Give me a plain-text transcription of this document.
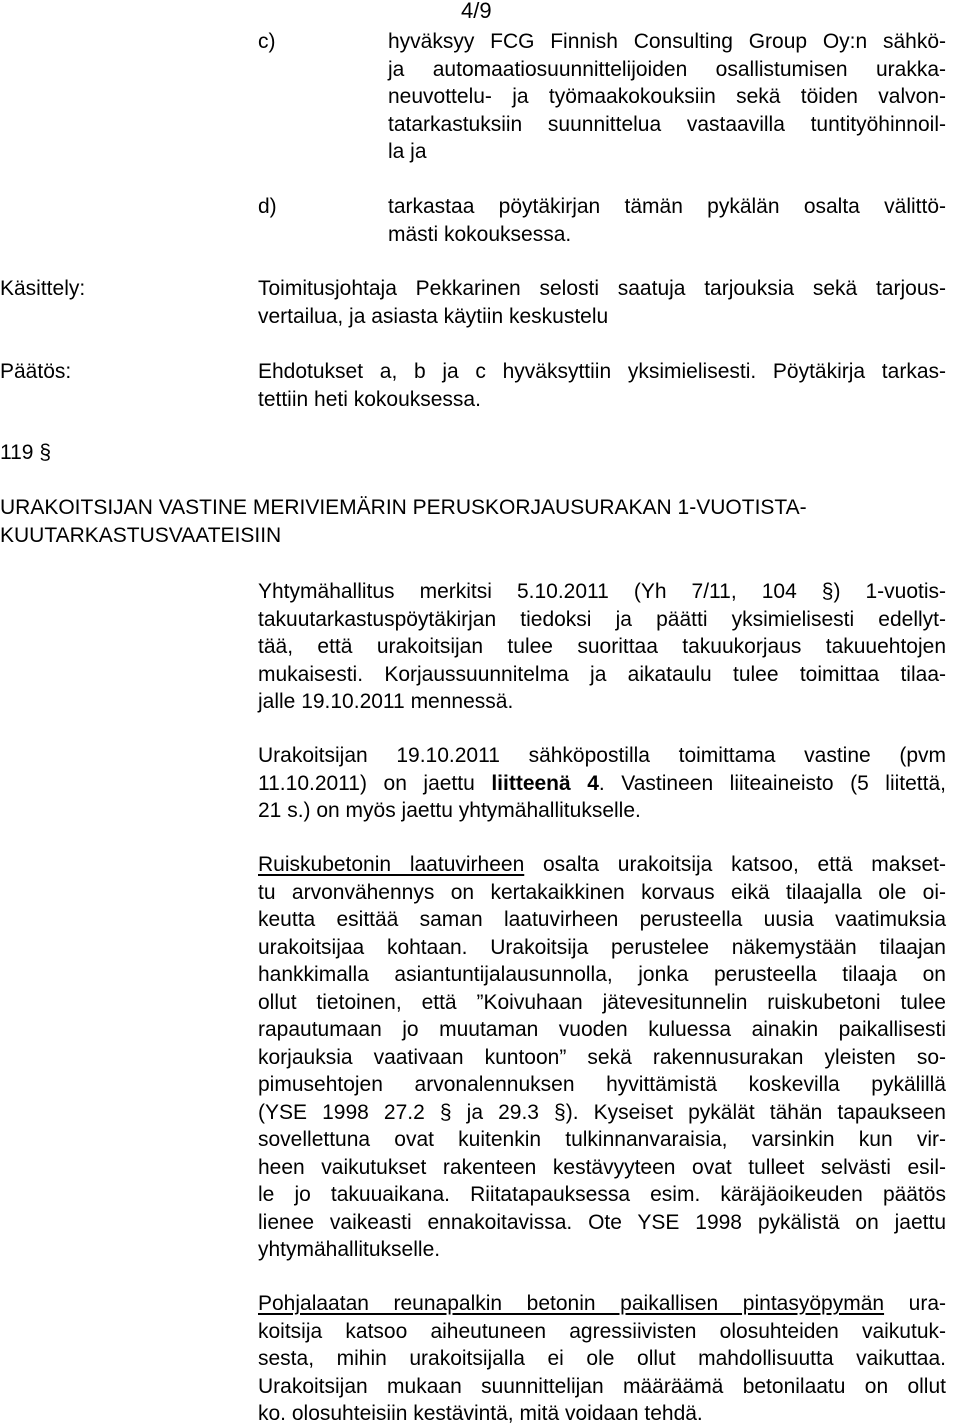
4/9
c)	hyväksyy FCG Finnish Consulting Group Oy:n sähkö-
ja automaatiosuunnittelijoiden osallistumisen urakka-
neuvottelu- ja työmaakokouksiin sekä töiden valvon-
tatarkastuksiin suunnittelua vastaavilla tuntityöhinnoil-
la ja
d)	tarkastaa pöytäkirjan tämän pykälän osalta välittö-
mästi kokouksessa.
Käsittely:	Toimitusjohtaja Pekkarinen selosti saatuja tarjouksia sekä tarjous-
vertailua, ja asiasta käytiin keskustelu
Päätös:	Ehdotukset a, b ja c hyväksyttiin yksimielisesti. Pöytäkirja tarkas-
tettiin heti kokouksessa.
119 §
URAKOITSIJAN VASTINE MERIVIEMÄRIN PERUSKORJAUSURAKAN 1-VUOTISTA-
KUUTARKASTUSVAATEISIIN
Yhtymähallitus merkitsi 5.10.2011 (Yh 7/11, 104 §) 1-vuotis-
takuutarkastuspöytäkirjan tiedoksi ja päätti yksimielisesti edellyt-
tää, että urakoitsijan tulee suorittaa takuukorjaus takuuehtojen
mukaisesti. Korjaussuunnitelma ja aikataulu tulee toimittaa tilaa-
jalle 19.10.2011 mennessä.
Urakoitsijan 19.10.2011 sähköpostilla toimittama vastine (pvm
11.10.2011) on jaettu liitteenä 4. Vastineen liiteaineisto (5 liitettä,
21 s.) on myös jaettu yhtymähallitukselle.
Ruiskubetonin laatuvirheen osalta urakoitsija katsoo, että makset-
tu arvonvähennys on kertakaikkinen korvaus eikä tilaajalla ole oi-
keutta esittää saman laatuvirheen perusteella uusia vaatimuksia
urakoitsijaa kohtaan. Urakoitsija perustelee näkemystään tilaajan
hankkimalla asiantuntijalausunnolla, jonka perusteella tilaaja on
ollut tietoinen, että ”Koivuhaan jätevesitunnelin ruiskubetoni tulee
rapautumaan jo muutaman vuoden kuluessa ainakin paikallisesti
korjauksia vaativaan kuntoon” sekä rakennusurakan yleisten so-
pimusehtojen arvonalennuksen hyvittämistä koskevilla pykälillä
(YSE 1998 27.2 § ja 29.3 §). Kyseiset pykälät tähän tapaukseen
sovellettuna ovat kuitenkin tulkinnanvaraisia, varsinkin kun vir-
heen vaikutukset rakenteen kestävyyteen ovat tulleet selvästi esil-
le jo takuuaikana. Riitatapauksessa esim. käräjäoikeuden päätös
lienee vaikeasti ennakoitavissa. Ote YSE 1998 pykälistä on jaettu
yhtymähallitukselle.
Pohjalaatan reunapalkin betonin paikallisen pintasyöpymän ura-
koitsija katsoo aiheutuneen agressiivisten olosuhteiden vaikutuk-
sesta, mihin urakoitsijalla ei ole ollut mahdollisuutta vaikuttaa.
Urakoitsijan mukaan suunnittelijan määräämä betonilaatu on ollut
ko. olosuhteisiin kestävintä, mitä voidaan tehdä.
